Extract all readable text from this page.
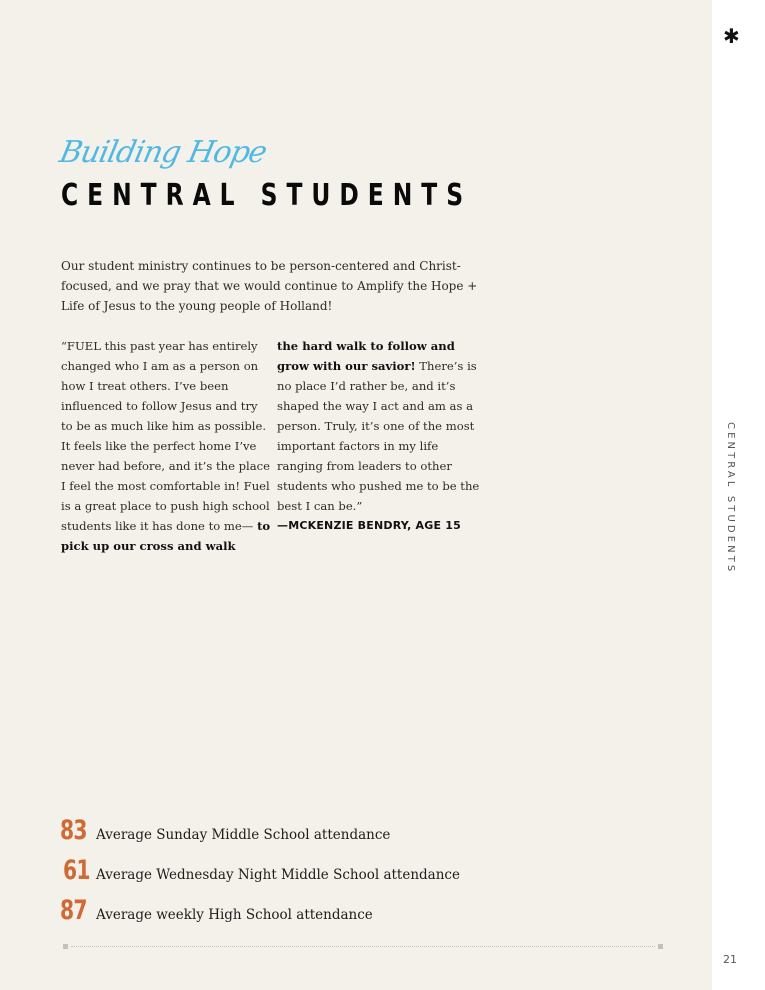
Building Hope
CENTRAL STUDENTS

Our student ministry continues to be person-centered and Christ-focused, and we pray that we would continue to Amplify the Hope + Life of Jesus to the young people of Holland!

“FUEL this past year has entirely changed who I am as a person on how I treat others. I’ve been influenced to follow Jesus and try to be as much like him as possible. It feels like the perfect home I’ve never had before, and it’s the place I feel the most comfortable in! Fuel is a great place to push high school students like it has done to me— to pick up our cross and walk
the hard walk to follow and grow with our savior! There’s is no place I’d rather be, and it’s shaped the way I act and am as a person. Truly, it’s one of the most important factors in my life ranging from leaders to other students who pushed me to be the best I can be.”
—MCKENZIE BENDRY, AGE 15
83 Average Sunday Middle School attendance
61 Average Wednesday Night Middle School attendance
87 Average weekly High School attendance
✱
CENTRAL STUDENTS
21
